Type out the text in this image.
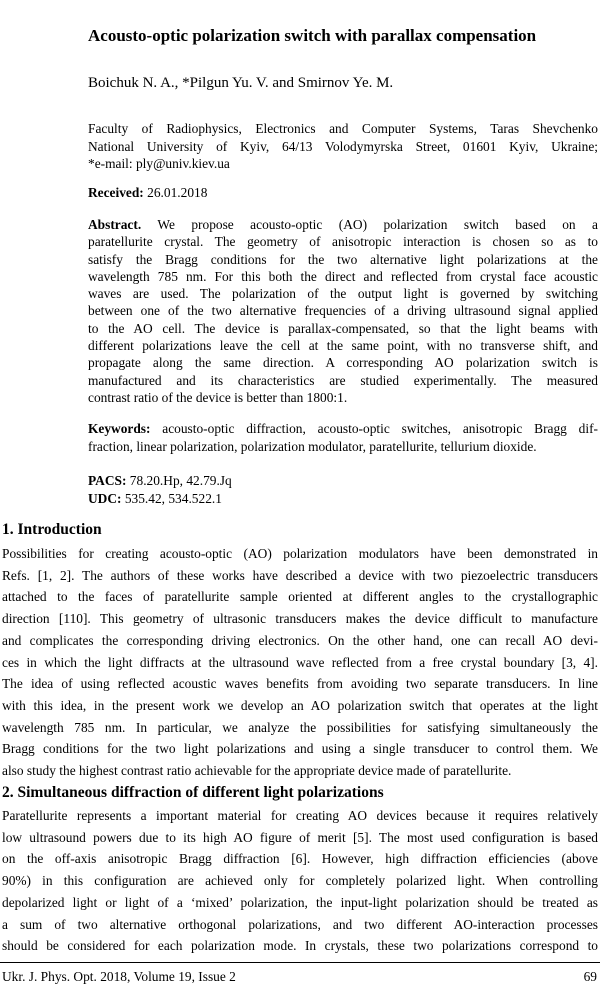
Acousto-optic polarization switch with parallax compensation
Boichuk N. A., *Pilgun Yu. V. and Smirnov Ye. M.
Faculty of Radiophysics, Electronics and Computer Systems, Taras Shevchenko
National University of Kyiv, 64/13 Volodymyrska Street, 01601 Kyiv, Ukraine;
*e-mail: ply@univ.kiev.ua
Received: 26.01.2018
Abstract. We propose acousto-optic (AO) polarization switch based on a
paratellurite crystal. The geometry of anisotropic interaction is chosen so as to
satisfy the Bragg conditions for the two alternative light polarizations at the
wavelength 785 nm. For this both the direct and reflected from crystal face acoustic
waves are used. The polarization of the output light is governed by switching
between one of the two alternative frequencies of a driving ultrasound signal applied
to the AO cell. The device is parallax-compensated, so that the light beams with
different polarizations leave the cell at the same point, with no transverse shift, and
propagate along the same direction. A corresponding AO polarization switch is
manufactured and its characteristics are studied experimentally. The measured
contrast ratio of the device is better than 1800:1.
Keywords: acousto-optic diffraction, acousto-optic switches, anisotropic Bragg dif-
fraction, linear polarization, polarization modulator, paratellurite, tellurium dioxide.
PACS: 78.20.Hp, 42.79.Jq
UDC: 535.42, 534.522.1
1. Introduction
Possibilities for creating acousto-optic (AO) polarization modulators have been demonstrated in
Refs. [1, 2]. The authors of these works have described a device with two piezoelectric transducers
attached to the faces of paratellurite sample oriented at different angles to the crystallographic
direction [110]. This geometry of ultrasonic transducers makes the device difficult to manufacture
and complicates the corresponding driving electronics. On the other hand, one can recall AO devi-
ces in which the light diffracts at the ultrasound wave reflected from a free crystal boundary [3, 4].
The idea of using reflected acoustic waves benefits from avoiding two separate transducers. In line
with this idea, in the present work we develop an AO polarization switch that operates at the light
wavelength 785 nm. In particular, we analyze the possibilities for satisfying simultaneously the
Bragg conditions for the two light polarizations and using a single transducer to control them. We
also study the highest contrast ratio achievable for the appropriate device made of paratellurite.
2. Simultaneous diffraction of different light polarizations
Paratellurite represents a important material for creating AO devices because it requires relatively
low ultrasound powers due to its high AO figure of merit [5]. The most used configuration is based
on the off-axis anisotropic Bragg diffraction [6]. However, high diffraction efficiencies (above
90%) in this configuration are achieved only for completely polarized light. When controlling
depolarized light or light of a ‘mixed’ polarization, the input-light polarization should be treated as
a sum of two alternative orthogonal polarizations, and two different AO-interaction processes
should be considered for each polarization mode. In crystals, these two polarizations correspond to
Ukr. J. Phys. Opt. 2018, Volume 19, Issue 2	69
